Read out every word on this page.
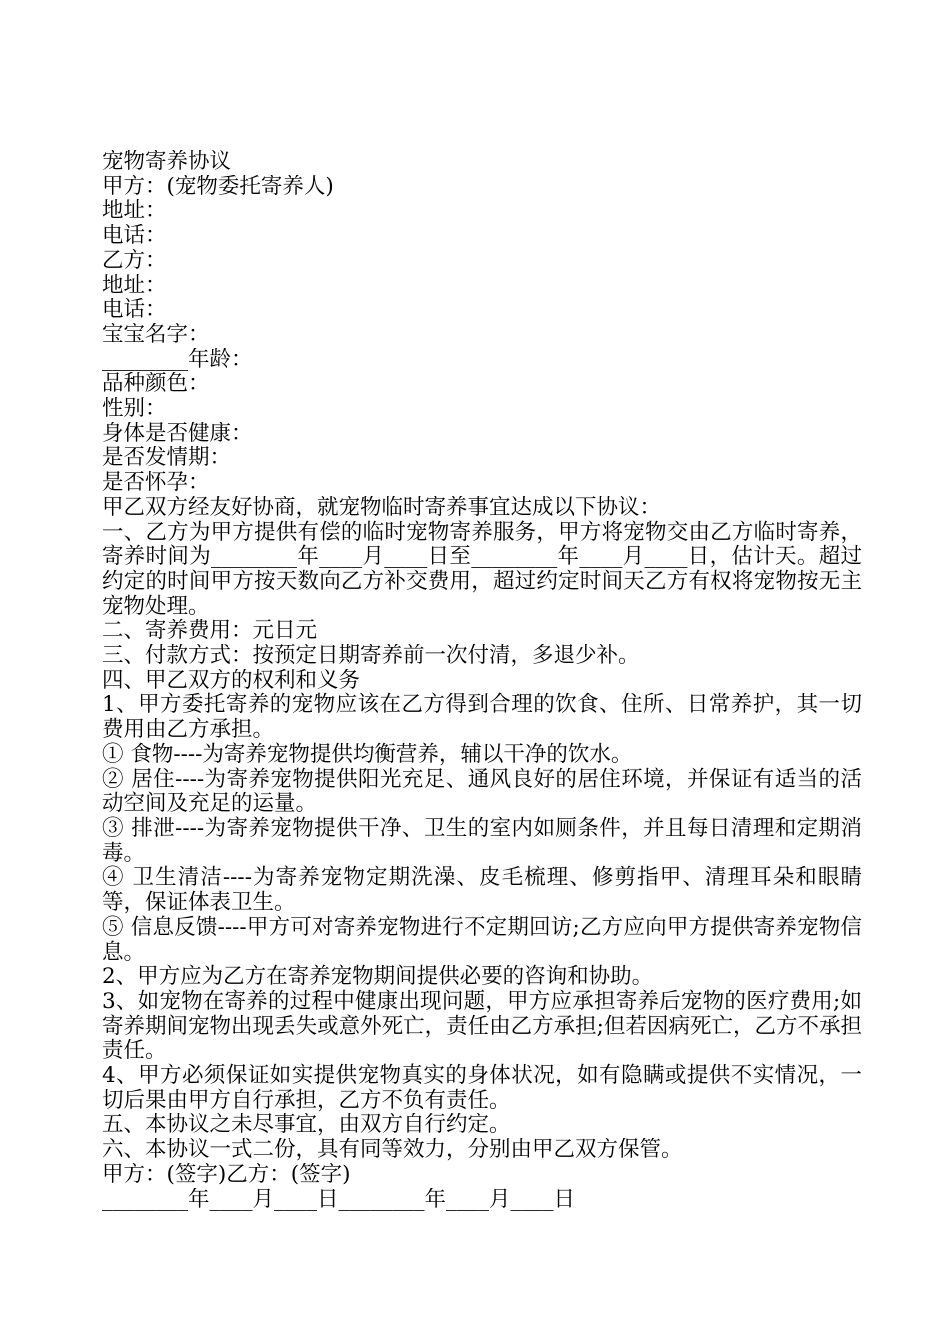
宠物寄养协议
甲方：(宠物委托寄养人)
地址：
电话：
乙方：
地址：
电话：
宝宝名字：
________年龄：
品种颜色：
性别：
身体是否健康：
是否发情期：
是否怀孕：
甲乙双方经友好协商，就宠物临时寄养事宜达成以下协议：
一、乙方为甲方提供有偿的临时宠物寄养服务，甲方将宠物交由乙方临时寄养，寄养时间为________年____月____日至________年____月____日，估计天。超过约定的时间甲方按天数向乙方补交费用，超过约定时间天乙方有权将宠物按无主宠物处理。
二、寄养费用：元日元
三、付款方式：按预定日期寄养前一次付清，多退少补。
四、甲乙双方的权利和义务
1、甲方委托寄养的宠物应该在乙方得到合理的饮食、住所、日常养护，其一切费用由乙方承担。
① 食物----为寄养宠物提供均衡营养，辅以干净的饮水。
② 居住----为寄养宠物提供阳光充足、通风良好的居住环境，并保证有适当的活动空间及充足的运量。
③ 排泄----为寄养宠物提供干净、卫生的室内如厕条件，并且每日清理和定期消毒。
④ 卫生清洁----为寄养宠物定期洗澡、皮毛梳理、修剪指甲、清理耳朵和眼睛等，保证体表卫生。
⑤ 信息反馈----甲方可对寄养宠物进行不定期回访;乙方应向甲方提供寄养宠物信息。
2、甲方应为乙方在寄养宠物期间提供必要的咨询和协助。
3、如宠物在寄养的过程中健康出现问题，甲方应承担寄养后宠物的医疗费用;如寄养期间宠物出现丢失或意外死亡，责任由乙方承担;但若因病死亡，乙方不承担责任。
4、甲方必须保证如实提供宠物真实的身体状况，如有隐瞒或提供不实情况，一切后果由甲方自行承担，乙方不负有责任。
五、本协议之未尽事宜，由双方自行约定。
六、本协议一式二份，具有同等效力，分别由甲乙双方保管。
甲方：(签字)乙方：(签字)
________年____月____日________年____月____日
